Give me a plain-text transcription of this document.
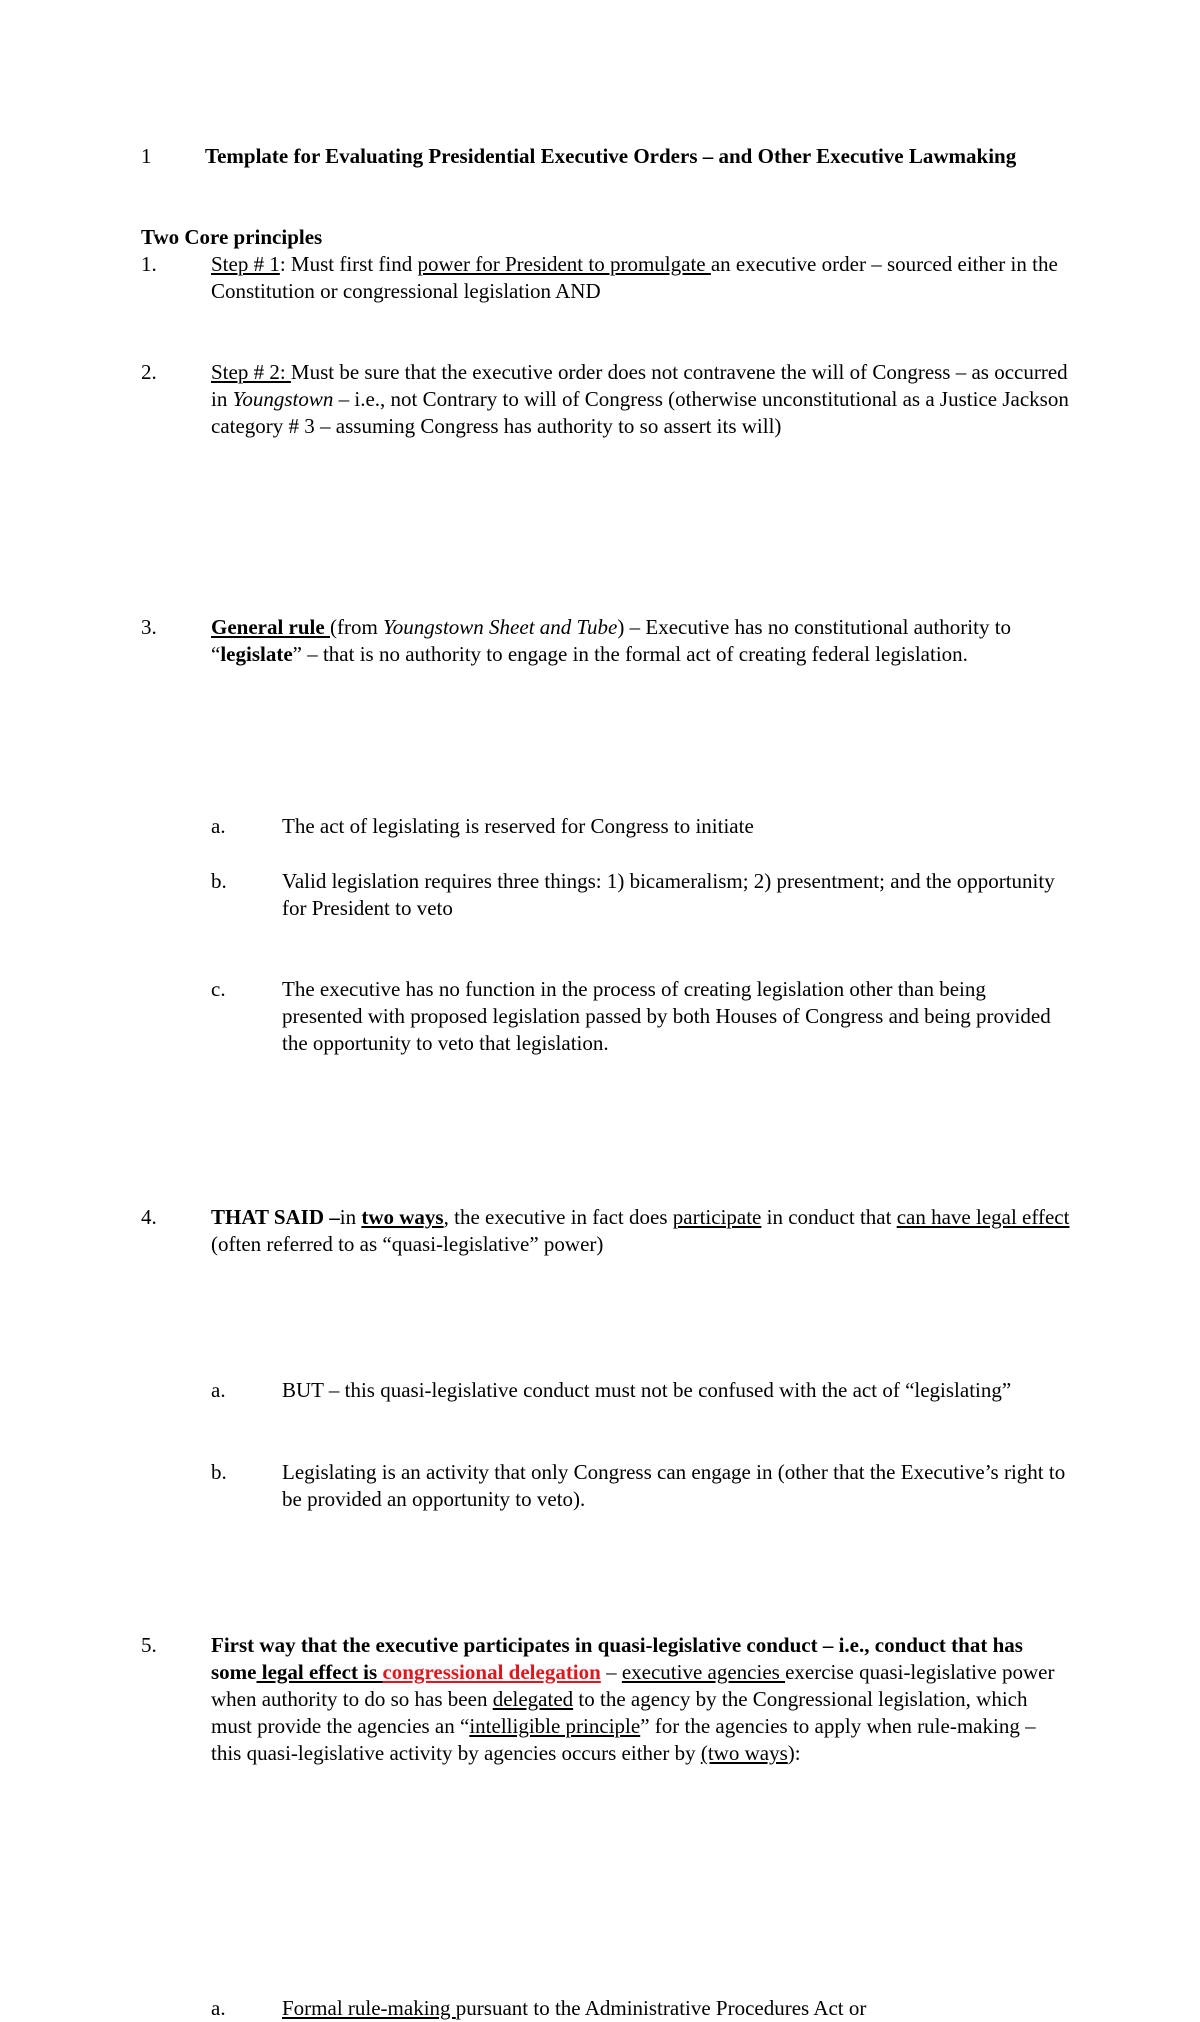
1	Template for Evaluating Presidential Executive Orders – and Other Executive Lawmaking
Two Core principles
1.	Step # 1: Must first find power for President to promulgate an executive order – sourced either in the Constitution or congressional legislation AND
2.	Step # 2: Must be sure that the executive order does not contravene the will of Congress – as occurred in Youngstown – i.e., not Contrary to will of Congress (otherwise unconstitutional as a Justice Jackson category # 3 – assuming Congress has authority to so assert its will)
3.	General rule (from Youngstown Sheet and Tube) – Executive has no constitutional authority to “legislate” – that is no authority to engage in the formal act of creating federal legislation.
a.	The act of legislating is reserved for Congress to initiate
b.	Valid legislation requires three things: 1) bicameralism; 2) presentment; and the opportunity for President to veto
c.	The executive has no function in the process of creating legislation other than being presented with proposed legislation passed by both Houses of Congress and being provided the opportunity to veto that legislation.
4.	THAT SAID –in two ways, the executive in fact does participate in conduct that can have legal effect (often referred to as “quasi-legislative” power)
a.	BUT – this quasi-legislative conduct must not be confused with the act of “legislating”
b.	Legislating is an activity that only Congress can engage in (other that the Executive’s right to be provided an opportunity to veto).
5.	First way that the executive participates in quasi-legislative conduct – i.e., conduct that has some legal effect is congressional delegation – executive agencies exercise quasi-legislative power when authority to do so has been delegated to the agency by the Congressional legislation, which must provide the agencies an “intelligible principle” for the agencies to apply when rule-making – this quasi-legislative activity by agencies occurs either by (two ways):
a.	Formal rule-making pursuant to the Administrative Procedures Act or
